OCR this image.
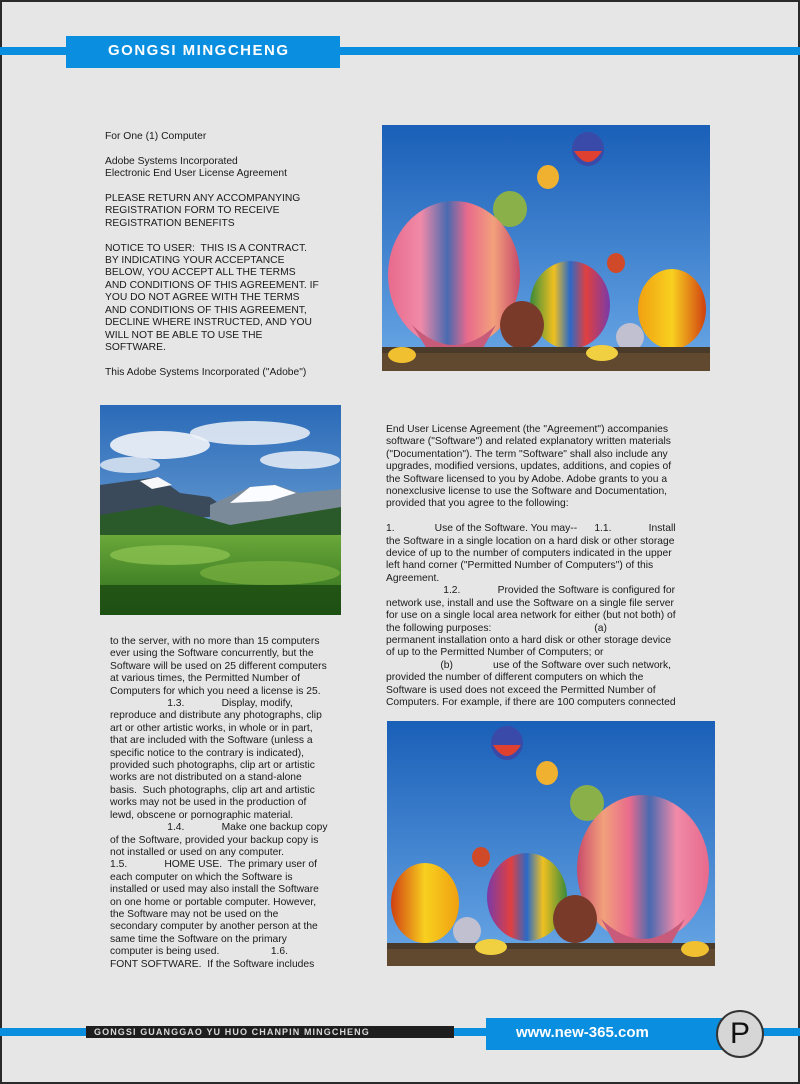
GONGSI MINGCHENG
For One (1) Computer

Adobe Systems Incorporated
Electronic End User License Agreement

PLEASE RETURN ANY ACCOMPANYING
REGISTRATION FORM TO RECEIVE
REGISTRATION BENEFITS

NOTICE TO USER:  THIS IS A CONTRACT.
BY INDICATING YOUR ACCEPTANCE
BELOW, YOU ACCEPT ALL THE TERMS
AND CONDITIONS OF THIS AGREEMENT. IF
YOU DO NOT AGREE WITH THE TERMS
AND CONDITIONS OF THIS AGREEMENT,
DECLINE WHERE INSTRUCTED, AND YOU
WILL NOT BE ABLE TO USE THE
SOFTWARE.

This Adobe Systems Incorporated ("Adobe")
End User License Agreement (the "Agreement") accompanies
software ("Software") and related explanatory written materials
("Documentation"). The term "Software" shall also include any
upgrades, modified versions, updates, additions, and copies of
the Software licensed to you by Adobe. Adobe grants to you a
nonexclusive license to use the Software and Documentation,
provided that you agree to the following:

1.              Use of the Software. You may--      1.1.             Install
the Software in a single location on a hard disk or other storage
device of up to the number of computers indicated in the upper
left hand corner ("Permitted Number of Computers") of this
Agreement.
1.2.             Provided the Software is configured for
network use, install and use the Software on a single file server
for use on a single local area network for either (but not both) of
the following purposes:                                    (a)
permanent installation onto a hard disk or other storage device
of up to the Permitted Number of Computers; or
(b)              use of the Software over such network,
provided the number of different computers on which the
Software is used does not exceed the Permitted Number of
Computers. For example, if there are 100 computers connected
to the server, with no more than 15 computers
ever using the Software concurrently, but the
Software will be used on 25 different computers
at various times, the Permitted Number of
Computers for which you need a license is 25.
1.3.             Display, modify,
reproduce and distribute any photographs, clip
art or other artistic works, in whole or in part,
that are included with the Software (unless a
specific notice to the contrary is indicated),
provided such photographs, clip art or artistic
works are not distributed on a stand-alone
basis.  Such photographs, clip art and artistic
works may not be used in the production of
lewd, obscene or pornographic material.
1.4.             Make one backup copy
of the Software, provided your backup copy is
not installed or used on any computer.
1.5.             HOME USE.  The primary user of
each computer on which the Software is
installed or used may also install the Software
on one home or portable computer. However,
the Software may not be used on the
secondary computer by another person at the
same time the Software on the primary
computer is being used.                  1.6.
FONT SOFTWARE.  If the Software includes
GONGSI GUANGGAO YU HUO CHANPIN MINGCHENG	www.new-365.com	P
